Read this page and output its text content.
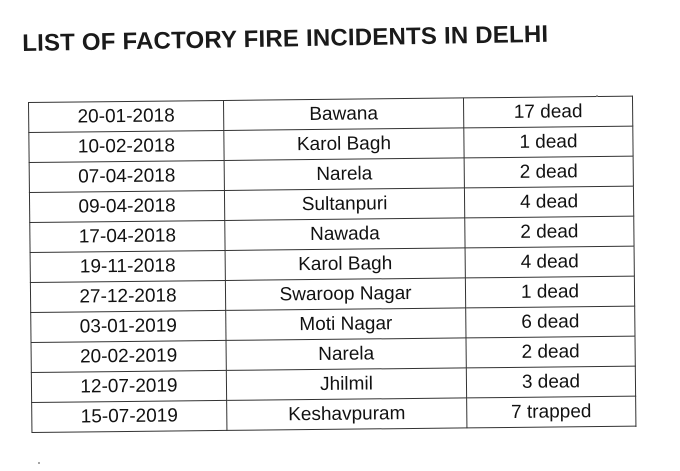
LIST OF FACTORY FIRE INCIDENTS IN DELHI
20-01-2018	Bawana	17 dead
10-02-2018	Karol Bagh	1 dead
07-04-2018	Narela	2 dead
09-04-2018	Sultanpuri	4 dead
17-04-2018	Nawada	2 dead
19-11-2018	Karol Bagh	4 dead
27-12-2018	Swaroop Nagar	1 dead
03-01-2019	Moti Nagar	6 dead
20-02-2019	Narela	2 dead
12-07-2019	Jhilmil	3 dead
15-07-2019	Keshavpuram	7 trapped
